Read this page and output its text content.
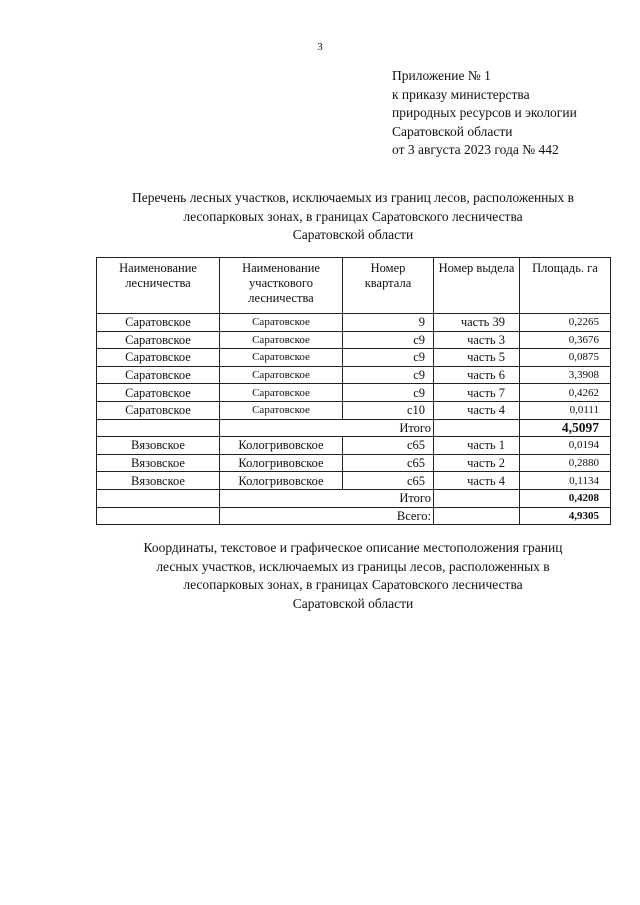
3
Приложение № 1
к приказу министерства
природных ресурсов и экологии
Саратовской области
от 3 августа 2023 года № 442
Перечень лесных участков, исключаемых из границ лесов, расположенных в
лесопарковых зонах, в границах Саратовского лесничества
Саратовской области
Наименование лесничества	Наименование участкового лесничества	Номер квартала	Номер выдела	Площадь. га
Саратовское	Саратовское	9	часть 39	0,2265
Саратовское	Саратовское	с9	часть 3	0,3676
Саратовское	Саратовское	с9	часть 5	0,0875
Саратовское	Саратовское	с9	часть 6	3,3908
Саратовское	Саратовское	с9	часть 7	0,4262
Саратовское	Саратовское	с10	часть 4	0,0111
	Итого			4,5097
Вязовское	Кологривовское	с65	часть 1	0,0194
Вязовское	Кологривовское	с65	часть 2	0,2880
Вязовское	Кологривовское	с65	часть 4	0,1134
	Итого			0,4208
	Всего:			4,9305
Координаты, текстовое и графическое описание местоположения границ
лесных участков, исключаемых из границы лесов, расположенных в
лесопарковых зонах, в границах Саратовского лесничества
Саратовской области
